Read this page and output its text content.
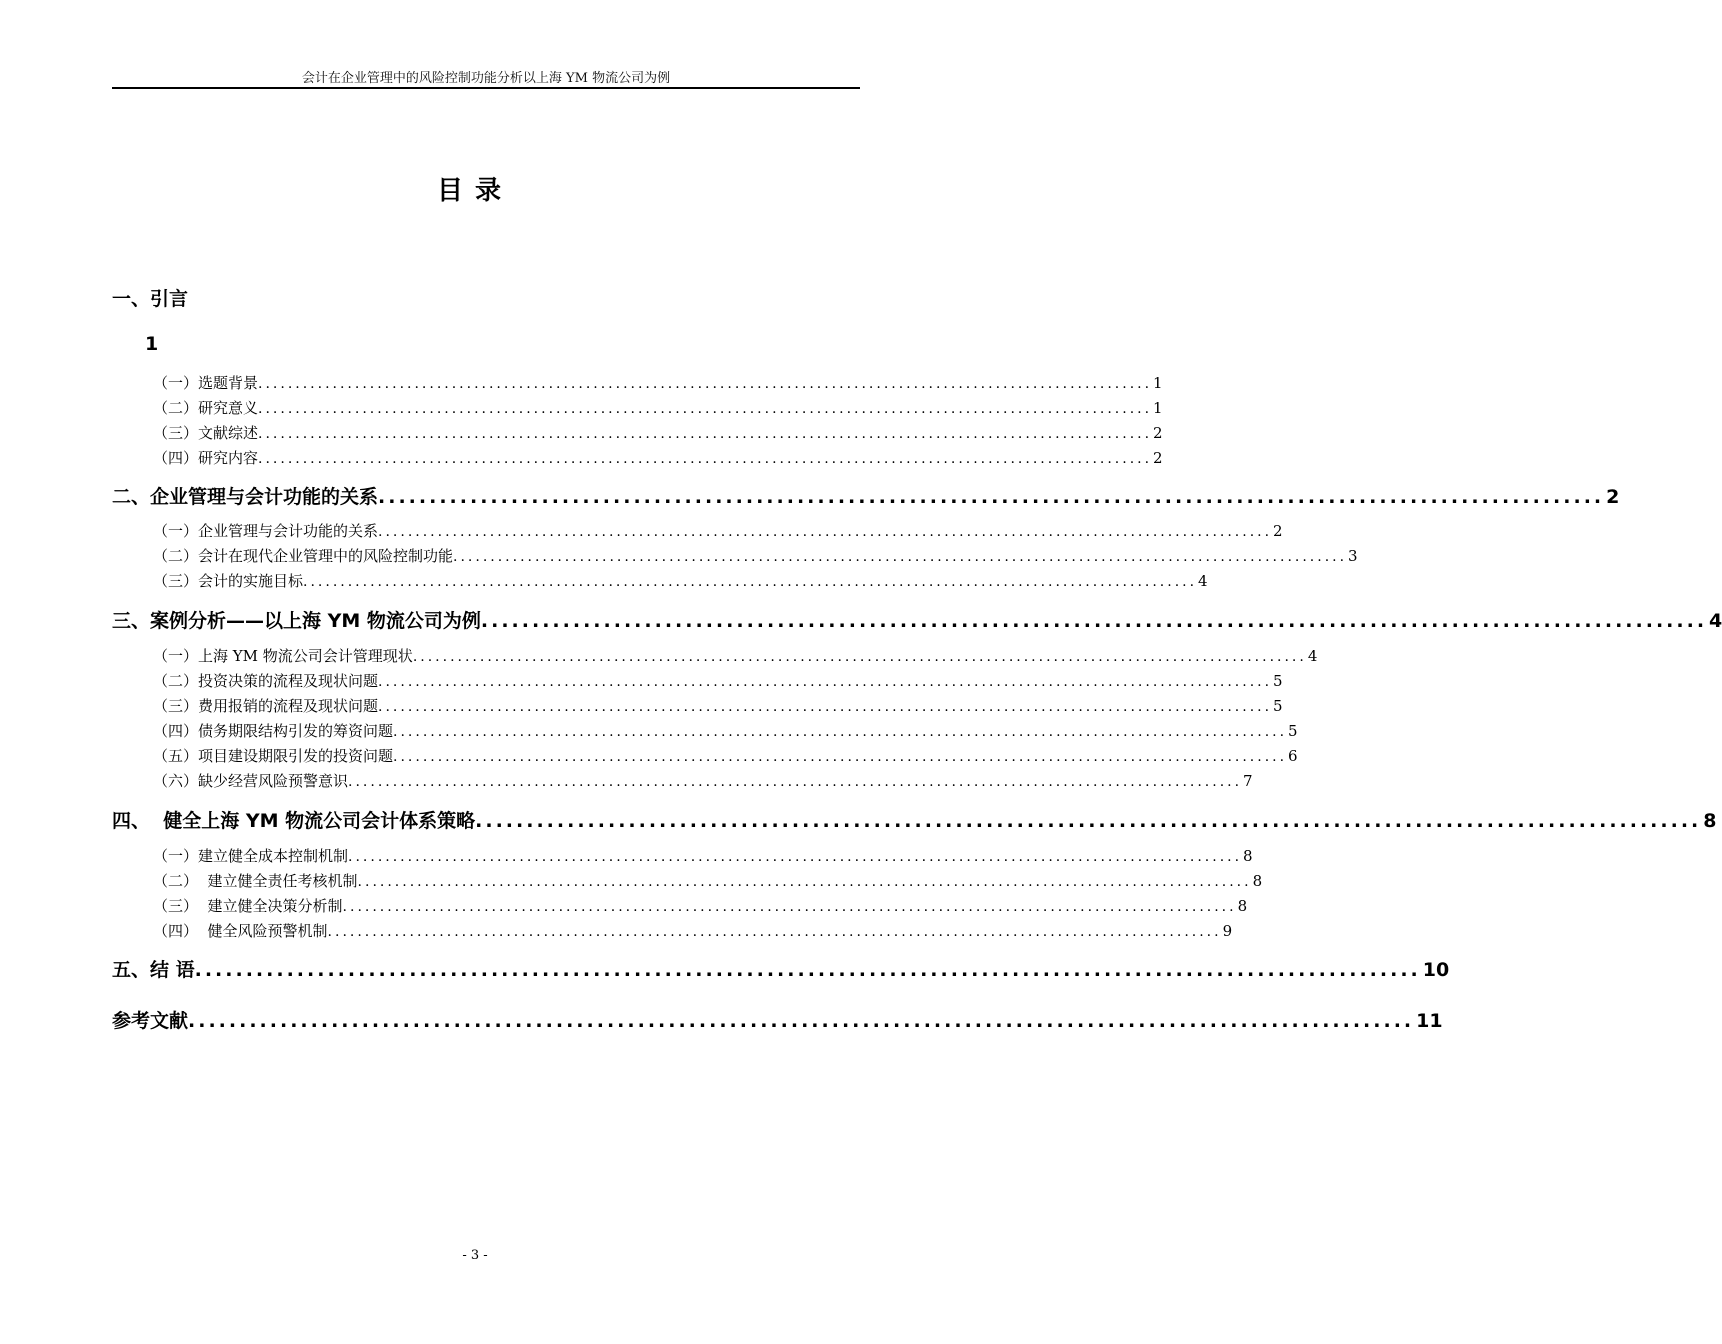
会计在企业管理中的风险控制功能分析以上海 YM 物流公司为例
目录
一、引言
1
（一）选题背景 ........................................................................................................................ 1
（二）研究意义 ........................................................................................................................ 1
（三）文献综述 ........................................................................................................................ 2
（四）研究内容 ........................................................................................................................ 2
二、企业管理与会计功能的关系 ........................................................................................................................ 2
（一）企业管理与会计功能的关系 ........................................................................................................................ 2
（二）会计在现代企业管理中的风险控制功能 ........................................................................................................................ 3
（三）会计的实施目标 ........................................................................................................................ 4
三、案例分析——以上海 YM 物流公司为例 ........................................................................................................................ 4
（一）上海 YM 物流公司会计管理现状 ........................................................................................................................ 4
（二）投资决策的流程及现状问题 ........................................................................................................................ 5
（三）费用报销的流程及现状问题 ........................................................................................................................ 5
（四）债务期限结构引发的筹资问题 ........................................................................................................................ 5
（五）项目建设期限引发的投资问题 ........................................................................................................................ 6
（六）缺少经营风险预警意识 ........................................................................................................................ 7
四、  健全上海 YM 物流公司会计体系策略 ........................................................................................................................ 8
（一）建立健全成本控制机制 ........................................................................................................................ 8
（二）  建立健全责任考核机制 ........................................................................................................................ 8
（三）  建立健全决策分析制 ........................................................................................................................ 8
（四）  健全风险预警机制 ........................................................................................................................ 9
五、结 语 ........................................................................................................................ 10
参考文献 ........................................................................................................................ 11
- 3 -
